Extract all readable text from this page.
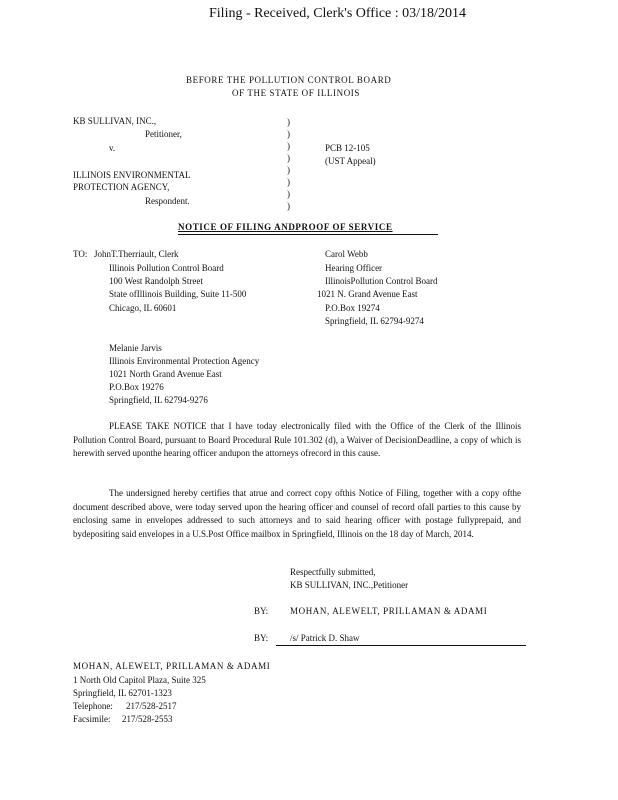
Filing - Received, Clerk's Office : 03/18/2014
BEFORE THE POLLUTION CONTROL BOARD
OF THE STATE OF ILLINOIS
KB SULLIVAN, INC.,
Petitioner,
v.
ILLINOIS ENVIRONMENTAL
PROTECTION AGENCY,
Respondent.
)
)
)
)
)
)
)
)
PCB 12-105
(UST Appeal)
NOTICE OF FILING ANDPROOF OF SERVICE
TO: JohnT.Therriault, Clerk
Illinois Pollution Control Board
100 West Randolph Street
State ofIllinois Building, Suite 11-500
Chicago, IL 60601
Carol Webb
Hearing Officer
IllinoisPollution Control Board
1021 N. Grand Avenue East
P.O.Box 19274
Springfield, IL 62794-9274
Melanie Jarvis
Illinois Environmental Protection Agency
1021 North Grand Avenue East
P.O.Box 19276
Springfield, IL 62794-9276
PLEASE TAKE NOTICE that I have today electronically filed with the Office of the Clerk of the Illinois Pollution Control Board, pursuant to Board Procedural Rule 101.302 (d), a Waiver of DecisionDeadline, a copy of which is herewith served uponthe hearing officer andupon the attorneys ofrecord in this cause.
The undersigned hereby certifies that atrue and correct copy ofthis Notice of Filing, together with a copy ofthe document described above, were today served upon the hearing officer and counsel of record ofall parties to this cause by enclosing same in envelopes addressed to such attorneys and to said hearing officer with postage fullyprepaid, and bydepositing said envelopes in a U.S.Post Office mailbox in Springfield, Illinois on the 18 day of March, 2014.
Respectfully submitted,
KB SULLIVAN, INC.,Petitioner
BY: MOHAN, ALEWELT, PRILLAMAN & ADAMI
BY: /s/ Patrick D. Shaw
MOHAN, ALEWELT, PRILLAMAN & ADAMI
1 North Old Capitol Plaza, Suite 325
Springfield, IL 62701-1323
Telephone: 217/528-2517
Facsimile: 217/528-2553
